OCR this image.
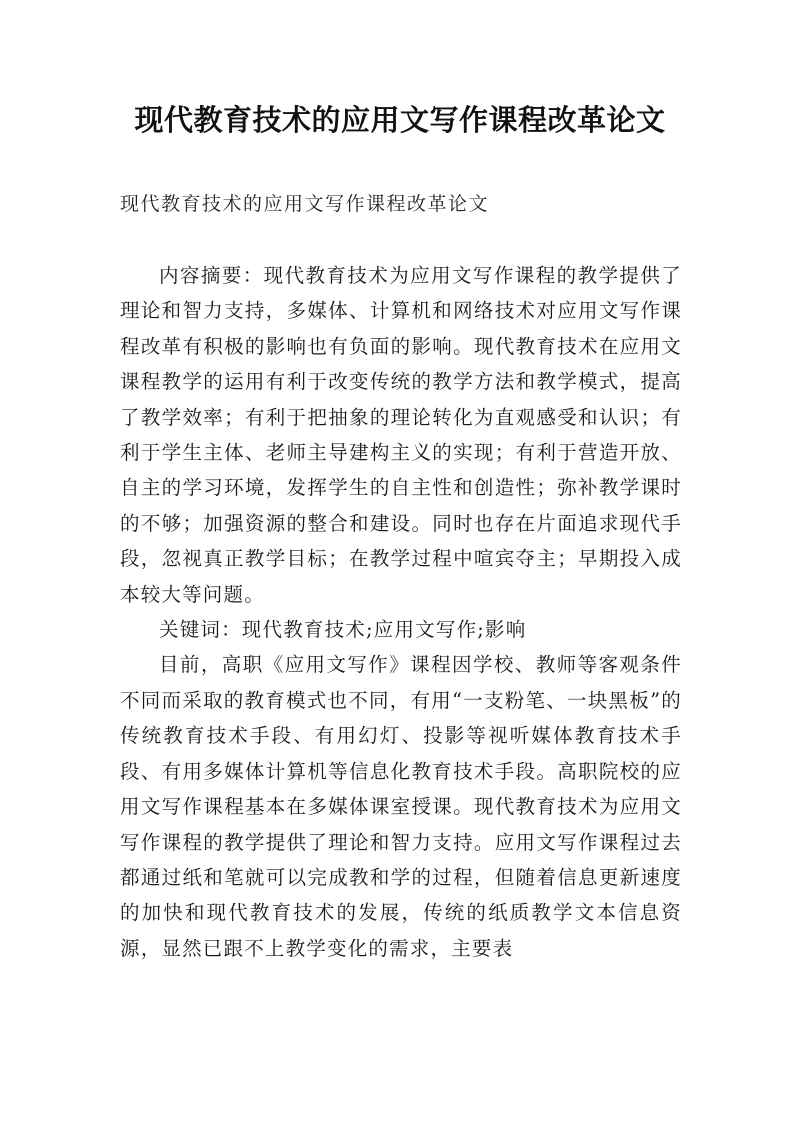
现代教育技术的应用文写作课程改革论文

现代教育技术的应用文写作课程改革论文

内容摘要：现代教育技术为应用文写作课程的教学提供了理论和智力支持，多媒体、计算机和网络技术对应用文写作课程改革有积极的影响也有负面的影响。现代教育技术在应用文课程教学的运用有利于改变传统的教学方法和教学模式，提高了教学效率；有利于把抽象的理论转化为直观感受和认识；有利于学生主体、老师主导建构主义的实现；有利于营造开放、自主的学习环境，发挥学生的自主性和创造性；弥补教学课时的不够；加强资源的整合和建设。同时也存在片面追求现代手段，忽视真正教学目标；在教学过程中喧宾夺主；早期投入成本较大等问题。

关键词：现代教育技术;应用文写作;影响

目前，高职《应用文写作》课程因学校、教师等客观条件不同而采取的教育模式也不同，有用“一支粉笔、一块黑板”的传统教育技术手段、有用幻灯、投影等视听媒体教育技术手段、有用多媒体计算机等信息化教育技术手段。高职院校的应用文写作课程基本在多媒体课室授课。现代教育技术为应用文写作课程的教学提供了理论和智力支持。应用文写作课程过去都通过纸和笔就可以完成教和学的过程，但随着信息更新速度的加快和现代教育技术的发展，传统的纸质教学文本信息资源，显然已跟不上教学变化的需求，主要表
